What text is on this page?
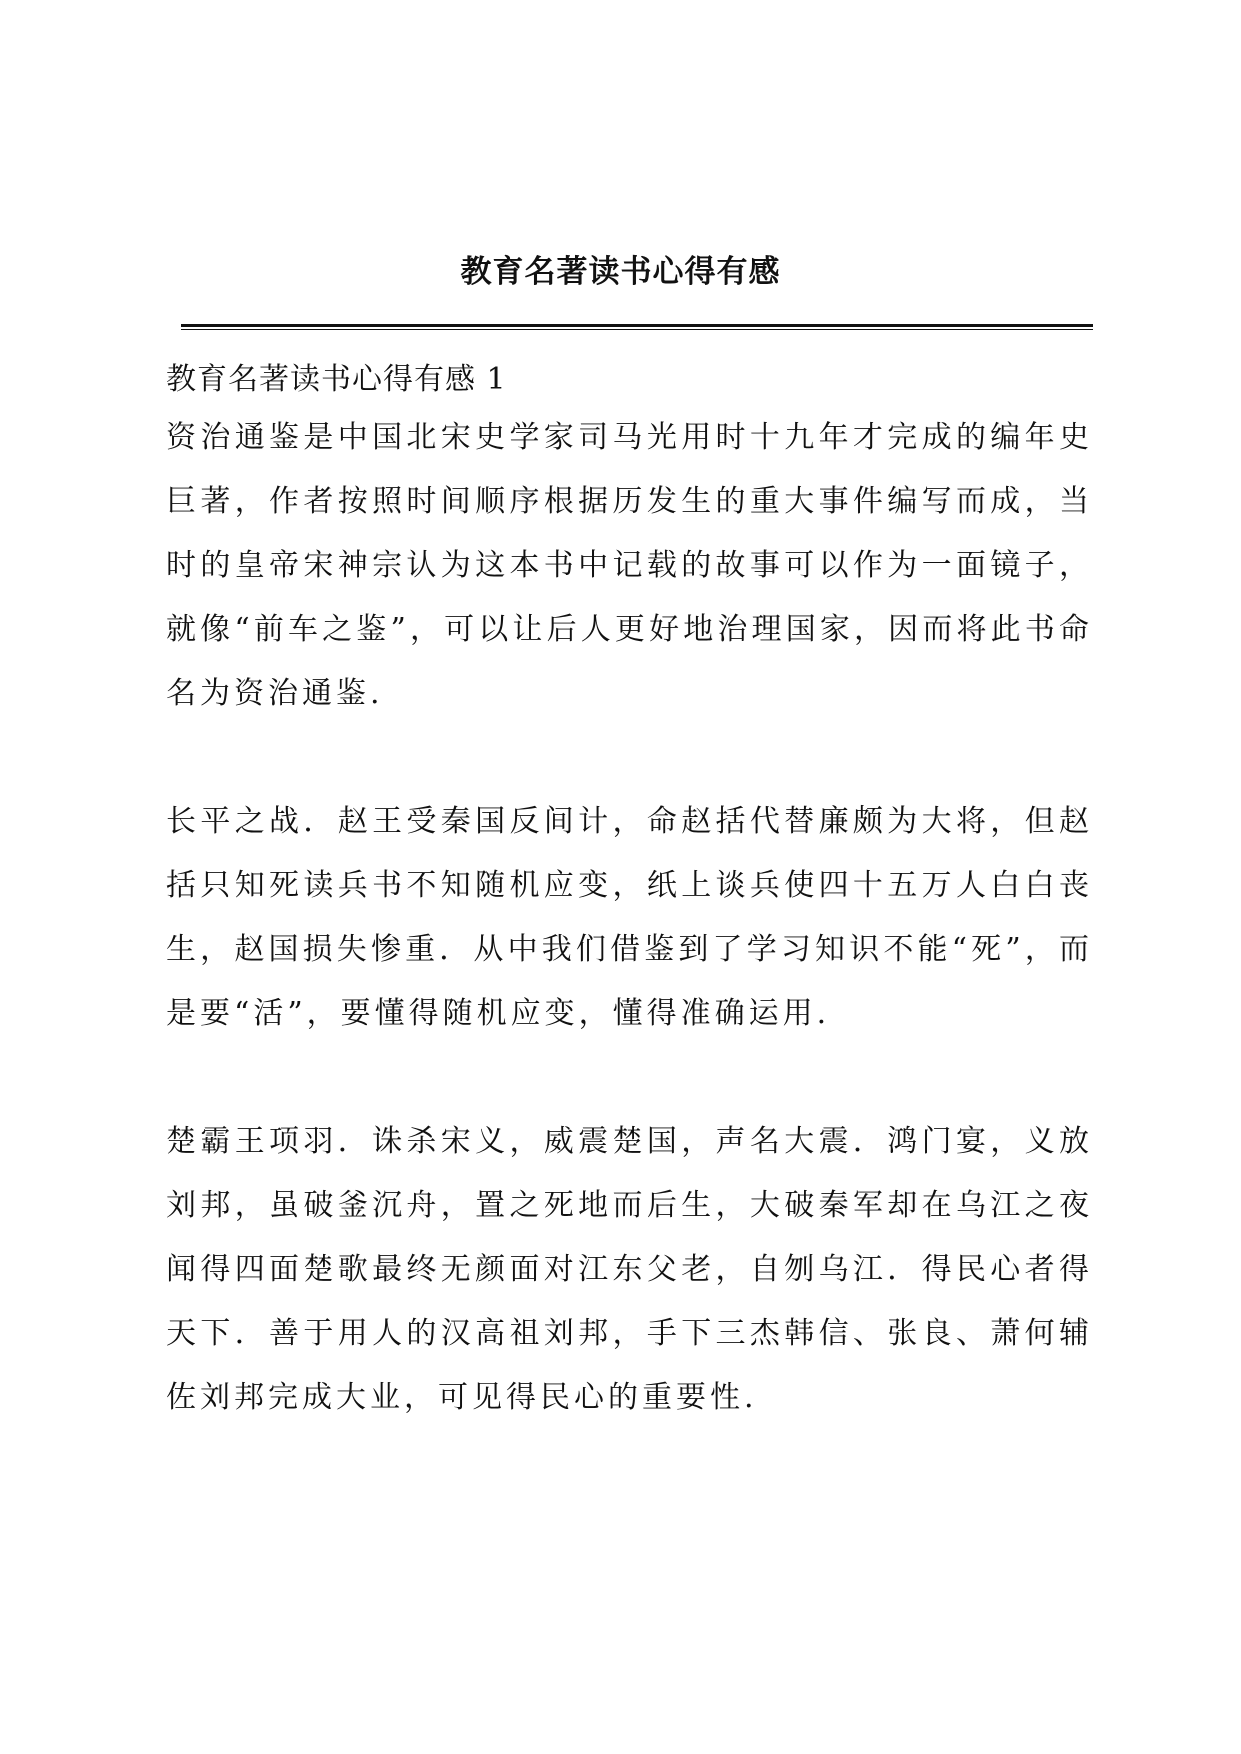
教育名著读书心得有感
教育名著读书心得有感 1

资治通鉴是中国北宋史学家司马光用时十九年才完成的编年史巨著，作者按照时间顺序根据历发生的重大事件编写而成，当时的皇帝宋神宗认为这本书中记载的故事可以作为一面镜子，就像“前车之鉴”，可以让后人更好地治理国家，因而将此书命名为资治通鉴.

长平之战．赵王受秦国反间计，命赵括代替廉颇为大将，但赵括只知死读兵书不知随机应变，纸上谈兵使四十五万人白白丧生，赵国损失惨重．从中我们借鉴到了学习知识不能“死”，而是要“活”，要懂得随机应变，懂得准确运用.

楚霸王项羽．诛杀宋义，威震楚国，声名大震．鸿门宴，义放刘邦，虽破釜沉舟，置之死地而后生，大破秦军却在乌江之夜闻得四面楚歌最终无颜面对江东父老，自刎乌江．得民心者得天下．善于用人的汉高祖刘邦，手下三杰韩信、张良、萧何辅佐刘邦完成大业，可见得民心的重要性.
